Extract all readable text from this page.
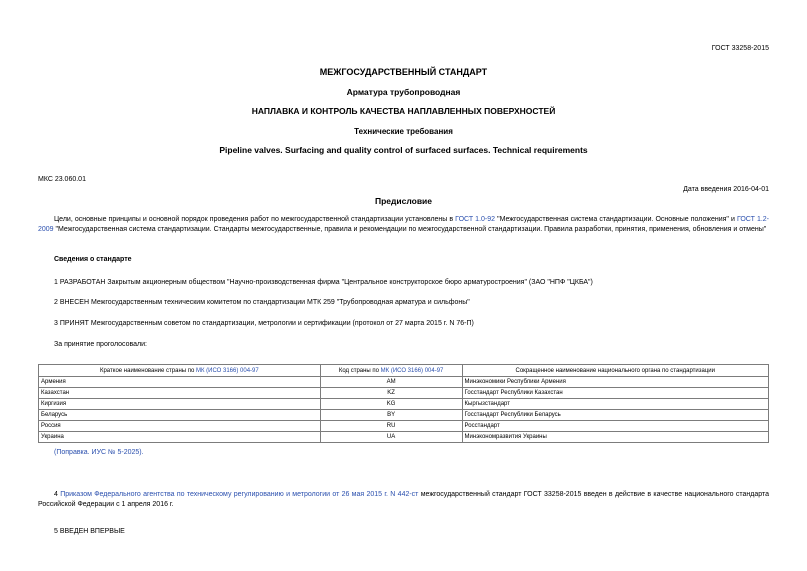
ГОСТ 33258-2015
МЕЖГОСУДАРСТВЕННЫЙ СТАНДАРТ
Арматура трубопроводная
НАПЛАВКА И КОНТРОЛЬ КАЧЕСТВА НАПЛАВЛЕННЫХ ПОВЕРХНОСТЕЙ
Технические требования
Pipeline valves. Surfacing and quality control of surfaced surfaces. Technical requirements
МКС 23.060.01
Дата введения 2016-04-01
Предисловие
Цели, основные принципы и основной порядок проведения работ по межгосударственной стандартизации установлены в ГОСТ 1.0-92 "Межгосударственная система стандартизации. Основные положения" и ГОСТ 1.2-2009 "Межгосударственная система стандартизации. Стандарты межгосударственные, правила и рекомендации по межгосударственной стандартизации. Правила разработки, принятия, применения, обновления и отмены"
Сведения о стандарте
1 РАЗРАБОТАН Закрытым акционерным обществом "Научно-производственная фирма "Центральное конструкторское бюро арматуростроения" (ЗАО "НПФ "ЦКБА")
2 ВНЕСЕН Межгосударственным техническим комитетом по стандартизации МТК 259 "Трубопроводная арматура и сильфоны"
3 ПРИНЯТ Межгосударственным советом по стандартизации, метрологии и сертификации (протокол от 27 марта 2015 г. N 76-П)
За принятие проголосовали:
Краткое наименование страны по МК (ИСО 3166) 004-97	Код страны по МК (ИСО 3166) 004-97	Сокращенное наименование национального органа по стандартизации
Армения	AM	Минэкономики Республики Армения
Казахстан	KZ	Госстандарт Республики Казахстан
Киргизия	KG	Кыргызстандарт
Беларусь	BY	Госстандарт Республики Беларусь
Россия	RU	Росстандарт
Украина	UA	Минэкономразвития Украины
(Поправка. ИУС № 5-2025).
4 Приказом Федерального агентства по техническому регулированию и метрологии от 26 мая 2015 г. N 442-ст межгосударственный стандарт ГОСТ 33258-2015 введен в действие в качестве национального стандарта Российской Федерации с 1 апреля 2016 г.
5 ВВЕДЕН ВПЕРВЫЕ
